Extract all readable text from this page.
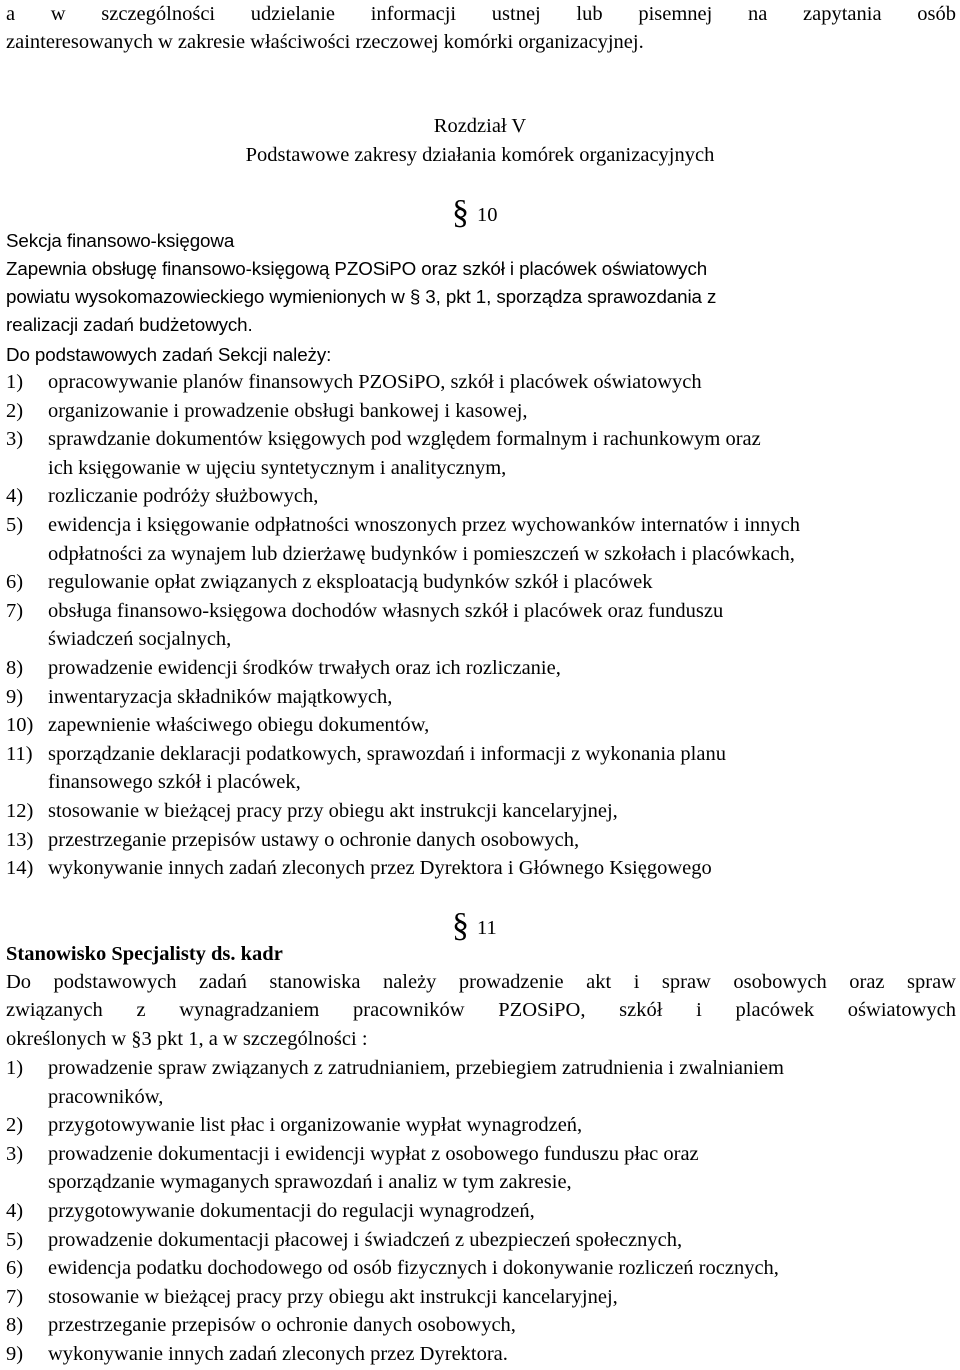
a w szczególności udzielanie informacji ustnej lub pisemnej na zapytania osób
zainteresowanych w zakresie właściwości rzeczowej komórki organizacyjnej.
Rozdział V
Podstawowe zakresy działania komórek organizacyjnych
§ 10
Sekcja finansowo-księgowa
Zapewnia obsługę finansowo-księgową PZOSiPO oraz szkół i placówek oświatowych
powiatu wysokomazowieckiego wymienionych w § 3, pkt 1, sporządza sprawozdania z
realizacji zadań budżetowych.
Do podstawowych zadań Sekcji należy:
1) opracowywanie planów finansowych PZOSiPO, szkół i placówek oświatowych
2) organizowanie i prowadzenie obsługi bankowej i kasowej,
3) sprawdzanie dokumentów księgowych pod względem formalnym i rachunkowym oraz
ich księgowanie w ujęciu syntetycznym i analitycznym,
4) rozliczanie podróży służbowych,
5) ewidencja i księgowanie odpłatności wnoszonych przez wychowanków internatów i innych
odpłatności za wynajem lub dzierżawę budynków i pomieszczeń w szkołach i placówkach,
6) regulowanie opłat związanych z eksploatacją budynków szkół i placówek
7) obsługa finansowo-księgowa dochodów własnych szkół i placówek oraz funduszu
świadczeń socjalnych,
8) prowadzenie ewidencji środków trwałych oraz ich rozliczanie,
9) inwentaryzacja składników majątkowych,
10) zapewnienie właściwego obiegu dokumentów,
11) sporządzanie deklaracji podatkowych, sprawozdań i informacji z wykonania planu
finansowego szkół i placówek,
12) stosowanie w bieżącej pracy przy obiegu akt instrukcji kancelaryjnej,
13) przestrzeganie przepisów ustawy o ochronie danych osobowych,
14) wykonywanie innych zadań zleconych przez Dyrektora i Głównego Księgowego
§ 11
Stanowisko Specjalisty ds. kadr
Do podstawowych zadań stanowiska należy prowadzenie akt i spraw osobowych oraz spraw
związanych z wynagradzaniem pracowników PZOSiPO, szkół i placówek oświatowych
określonych w §3 pkt 1, a w szczególności :
1) prowadzenie spraw związanych z zatrudnianiem, przebiegiem zatrudnienia i zwalnianiem
pracowników,
2) przygotowywanie list płac i organizowanie wypłat wynagrodzeń,
3) prowadzenie dokumentacji i ewidencji wypłat z osobowego funduszu płac oraz
sporządzanie wymaganych sprawozdań i analiz w tym zakresie,
4) przygotowywanie dokumentacji do regulacji wynagrodzeń,
5) prowadzenie dokumentacji płacowej i świadczeń z ubezpieczeń społecznych,
6) ewidencja podatku dochodowego od osób fizycznych i dokonywanie rozliczeń rocznych,
7) stosowanie w bieżącej pracy przy obiegu akt instrukcji kancelaryjnej,
8) przestrzeganie przepisów o ochronie danych osobowych,
9) wykonywanie innych zadań zleconych przez Dyrektora.
